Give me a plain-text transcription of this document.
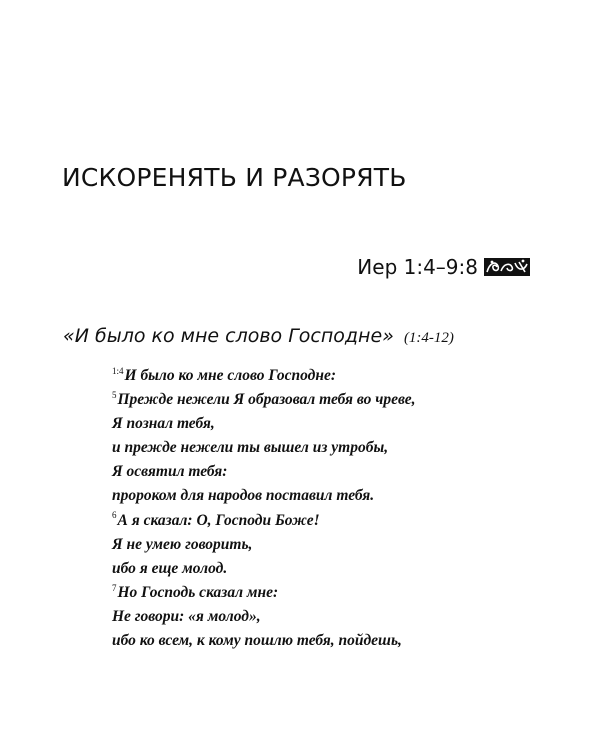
ИСКОРЕНЯТЬ И РАЗОРЯТЬ
Иер 1:4–9:8
«И было ко мне слово Господне» (1:4-12)
$^{1:4}$И было ко мне слово Господне:
$^5$Прежде нежели Я образовал тебя во чреве,
Я познал тебя,
и прежде нежели ты вышел из утробы,
Я освятил тебя:
пророком для народов поставил тебя.
$^6$А я сказал: О, Господи Боже!
Я не умею говорить,
ибо я еще молод.
$^7$Но Господь сказал мне:
Не говори: «я молод»,
ибо ко всем, к кому пошлю тебя, пойдешь,
